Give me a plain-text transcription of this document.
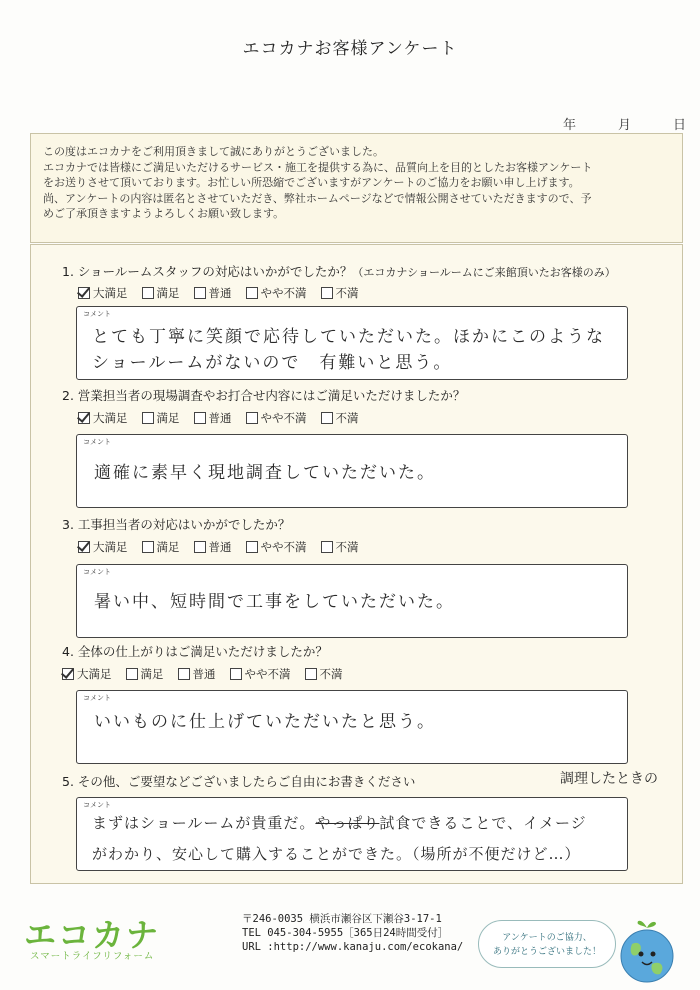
エコカナお客様アンケート
年	月	日
この度はエコカナをご利用頂きまして誠にありがとうございました。
エコカナでは皆様にご満足いただけるサービス・施工を提供する為に、品質向上を目的としたお客様アンケート
をお送りさせて頂いております。お忙しい所恐縮でございますがアンケートのご協力をお願い申し上げます。
尚、アンケートの内容は匿名とさせていただき、弊社ホームページなどで情報公開させていただきますので、予
めご了承頂きますようよろしくお願い致します。
1. ショールームスタッフの対応はいかがでしたか？（エコカナショールームにご来館頂いたお客様のみ）
大満足	満足	普通	やや不満	不満
コメント
とても丁寧に笑顔で応待していただいた。ほかにこのような
ショールームがないので　有難いと思う。
2. 営業担当者の現場調査やお打合せ内容にはご満足いただけましたか？
大満足	満足	普通	やや不満	不満
コメント
適確に素早く現地調査していただいた。
3. 工事担当者の対応はいかがでしたか？
大満足	満足	普通	やや不満	不満
コメント
暑い中、短時間で工事をしていただいた。
4. 全体の仕上がりはご満足いただけましたか？
大満足	満足	普通	やや不満	不満
コメント
いいものに仕上げていただいたと思う。
5. その他、ご要望などございましたらご自由にお書きください	調理したときの
コメント
まずはショールームが貴重だ。やっぱり試食できることで、イメージ
がわかり、安心して購入することができた。（場所が不便だけど…）
エコカナ
スマートライフリフォーム
〒246-0035 横浜市瀬谷区下瀬谷3-17-1
TEL 045-304-5955［365日24時間受付］
URL :http://www.kanaju.com/ecokana/
アンケートのご協力、
ありがとうございました！
